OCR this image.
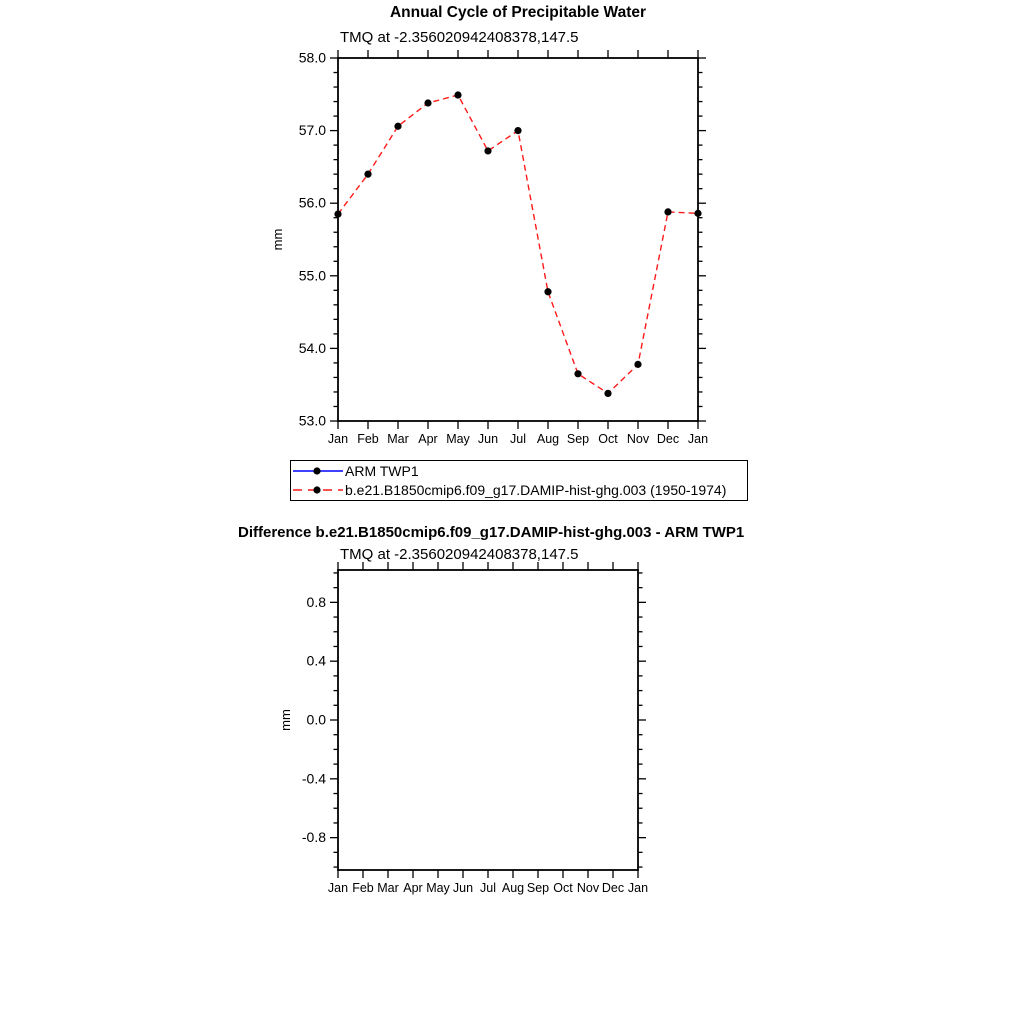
Annual Cycle of Precipitable Water
TMQ at -2.356020942408378,147.5
Difference b.e21.B1850cmip6.f09_g17.DAMIP-hist-ghg.003 - ARM TWP1
TMQ at -2.356020942408378,147.5
53.0
54.0
55.0
56.0
57.0
58.0
Jan Feb Mar Apr May Jun Jul Aug Sep Oct Nov Dec Jan
mm
-0.8
-0.4
0.0
0.4
0.8
Jan Feb Mar Apr May Jun Jul Aug Sep Oct Nov Dec Jan
mm
ARM TWP1
b.e21.B1850cmip6.f09_g17.DAMIP-hist-ghg.003 (1950-1974)
